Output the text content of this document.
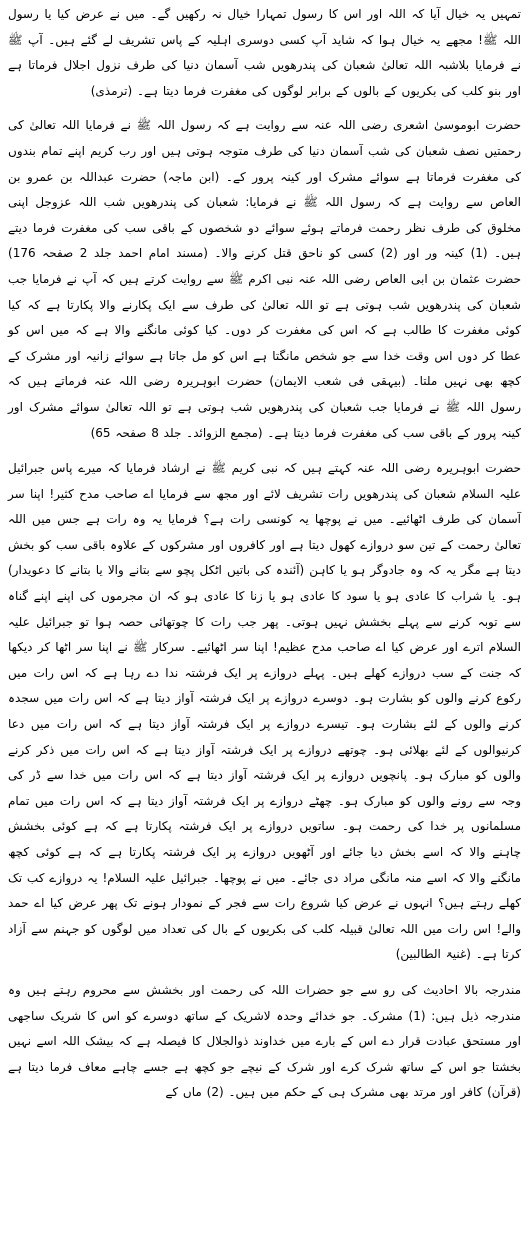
تمہیں یہ خیال آیا کہ اللہ اور اس کا رسول تمہارا خیال نہ رکھیں گے۔ میں نے عرض کیا یا رسول اللہ ﷺ! مجھے یہ خیال ہوا کہ شاید آپ کسی دوسری اہلیہ کے پاس تشریف لے گئے ہیں۔ آپ ﷺ نے فرمایا بلاشبہ اللہ تعالیٰ شعبان کی پندرھویں شب آسمان دنیا کی طرف نزول اجلال فرماتا ہے اور بنو کلب کی بکریوں کے بالوں کے برابر لوگوں کی مغفرت فرما دیتا ہے۔ (ترمذی)

حضرت ابوموسیٰ اشعری رضی اللہ عنہ سے روایت ہے کہ رسول اللہ ﷺ نے فرمایا اللہ تعالیٰ کی رحمتیں نصف شعبان کی شب آسمان دنیا کی طرف متوجہ ہوتی ہیں اور رب کریم اپنے تمام بندوں کی مغفرت فرماتا ہے سوائے مشرک اور کینہ پرور کے۔ (ابن ماجہ) حضرت عبداللہ بن عمرو بن العاص سے روایت ہے کہ رسول اللہ ﷺ نے فرمایا: شعبان کی پندرھویں شب اللہ عزوجل اپنی مخلوق کی طرف نظر رحمت فرماتے ہوئے سوائے دو شخصوں کے باقی سب کی مغفرت فرما دیتے ہیں۔ (1) کینہ ور اور (2) کسی کو ناحق قتل کرنے والا۔ (مسند امام احمد جلد 2 صفحہ 176) حضرت عثمان بن ابی العاص رضی اللہ عنہ نبی اکرم ﷺ سے روایت کرتے ہیں کہ آپ نے فرمایا جب شعبان کی پندرھویں شب ہوتی ہے تو اللہ تعالیٰ کی طرف سے ایک پکارنے والا پکارتا ہے کہ کیا کوئی مغفرت کا طالب ہے کہ اس کی مغفرت کر دوں۔ کیا کوئی مانگنے والا ہے کہ میں اس کو عطا کر دوں اس وقت خدا سے جو شخص مانگتا ہے اس کو مل جاتا ہے سوائے زانیہ اور مشرک کے کچھ بھی نہیں ملتا۔ (بیہقی فی شعب الایمان) حضرت ابوہریرہ رضی اللہ عنہ فرماتے ہیں کہ رسول اللہ ﷺ نے فرمایا جب شعبان کی پندرھویں شب ہوتی ہے تو اللہ تعالیٰ سوائے مشرک اور کینہ پرور کے باقی سب کی مغفرت فرما دیتا ہے۔ (مجمع الزوائد۔ جلد 8 صفحہ 65)

حضرت ابوہریرہ رضی اللہ عنہ کہتے ہیں کہ نبی کریم ﷺ نے ارشاد فرمایا کہ میرے پاس جبرائیل علیہ السلام شعبان کی پندرھویں رات تشریف لائے اور مجھ سے فرمایا اے صاحب مدح کثیر! اپنا سر آسمان کی طرف اٹھائیے۔ میں نے پوچھا یہ کونسی رات ہے؟ فرمایا یہ وہ رات ہے جس میں اللہ تعالیٰ رحمت کے تین سو دروازے کھول دیتا ہے اور کافروں اور مشرکوں کے علاوہ باقی سب کو بخش دیتا ہے مگر یہ کہ وہ جادوگر ہو یا کاہن (آئندہ کی باتیں اٹکل پچو سے بتانے والا یا بتانے کا دعویدار) ہو۔ یا شراب کا عادی ہو یا سود کا عادی ہو یا زنا کا عادی ہو کہ ان مجرموں کی اپنے اپنے گناہ سے توبہ کرنے سے پہلے بخشش نہیں ہوتی۔ پھر جب رات کا چوتھائی حصہ ہوا تو جبرائیل علیہ السلام اترے اور عرض کیا اے صاحب مدح عظیم! اپنا سر اٹھائیے۔ سرکار ﷺ نے اپنا سر اٹھا کر دیکھا کہ جنت کے سب دروازے کھلے ہیں۔ پہلے دروازے پر ایک فرشتہ ندا دے رہا ہے کہ اس رات میں رکوع کرنے والوں کو بشارت ہو۔ دوسرے دروازے پر ایک فرشتہ آواز دیتا ہے کہ اس رات میں سجدہ کرنے والوں کے لئے بشارت ہو۔ تیسرے دروازے پر ایک فرشتہ آواز دیتا ہے کہ اس رات میں دعا کرنیوالوں کے لئے بھلائی ہو۔ چوتھے دروازے پر ایک فرشتہ آواز دیتا ہے کہ اس رات میں ذکر کرنے والوں کو مبارک ہو۔ پانچویں دروازے پر ایک فرشتہ آواز دیتا ہے کہ اس رات میں خدا سے ڈر کی وجہ سے رونے والوں کو مبارک ہو۔ چھٹے دروازے پر ایک فرشتہ آواز دیتا ہے کہ اس رات میں تمام مسلمانوں پر خدا کی رحمت ہو۔ ساتویں دروازے پر ایک فرشتہ پکارتا ہے کہ ہے کوئی بخشش چاہنے والا کہ اسے بخش دیا جائے اور آٹھویں دروازے پر ایک فرشتہ پکارتا ہے کہ ہے کوئی کچھ مانگنے والا کہ اسے منہ مانگی مراد دی جائے۔ میں نے پوچھا۔ جبرائیل علیہ السلام! یہ دروازے کب تک کھلے رہتے ہیں؟ انہوں نے عرض کیا شروع رات سے فجر کے نمودار ہونے تک پھر عرض کیا اے حمد والے! اس رات میں اللہ تعالیٰ قبیلہ کلب کی بکریوں کے بال کی تعداد میں لوگوں کو جہنم سے آزاد کرتا ہے۔ (غنیۃ الطالبین)

مندرجہ بالا احادیث کی رو سے جو حضرات اللہ کی رحمت اور بخشش سے محروم رہتے ہیں وہ مندرجہ ذیل ہیں: (1) مشرک۔ جو خدائے وحدہ لاشریک کے ساتھ دوسرے کو اس کا شریک ساجھی اور مستحق عبادت قرار دے اس کے بارے میں خداوند ذوالجلال کا فیصلہ ہے کہ بیشک اللہ اسے نہیں بخشتا جو اس کے ساتھ شرک کرے اور شرک کے نیچے جو کچھ ہے جسے چاہے معاف فرما دیتا ہے (قرآن) کافر اور مرتد بھی مشرک ہی کے حکم میں ہیں۔ (2) ماں کے
